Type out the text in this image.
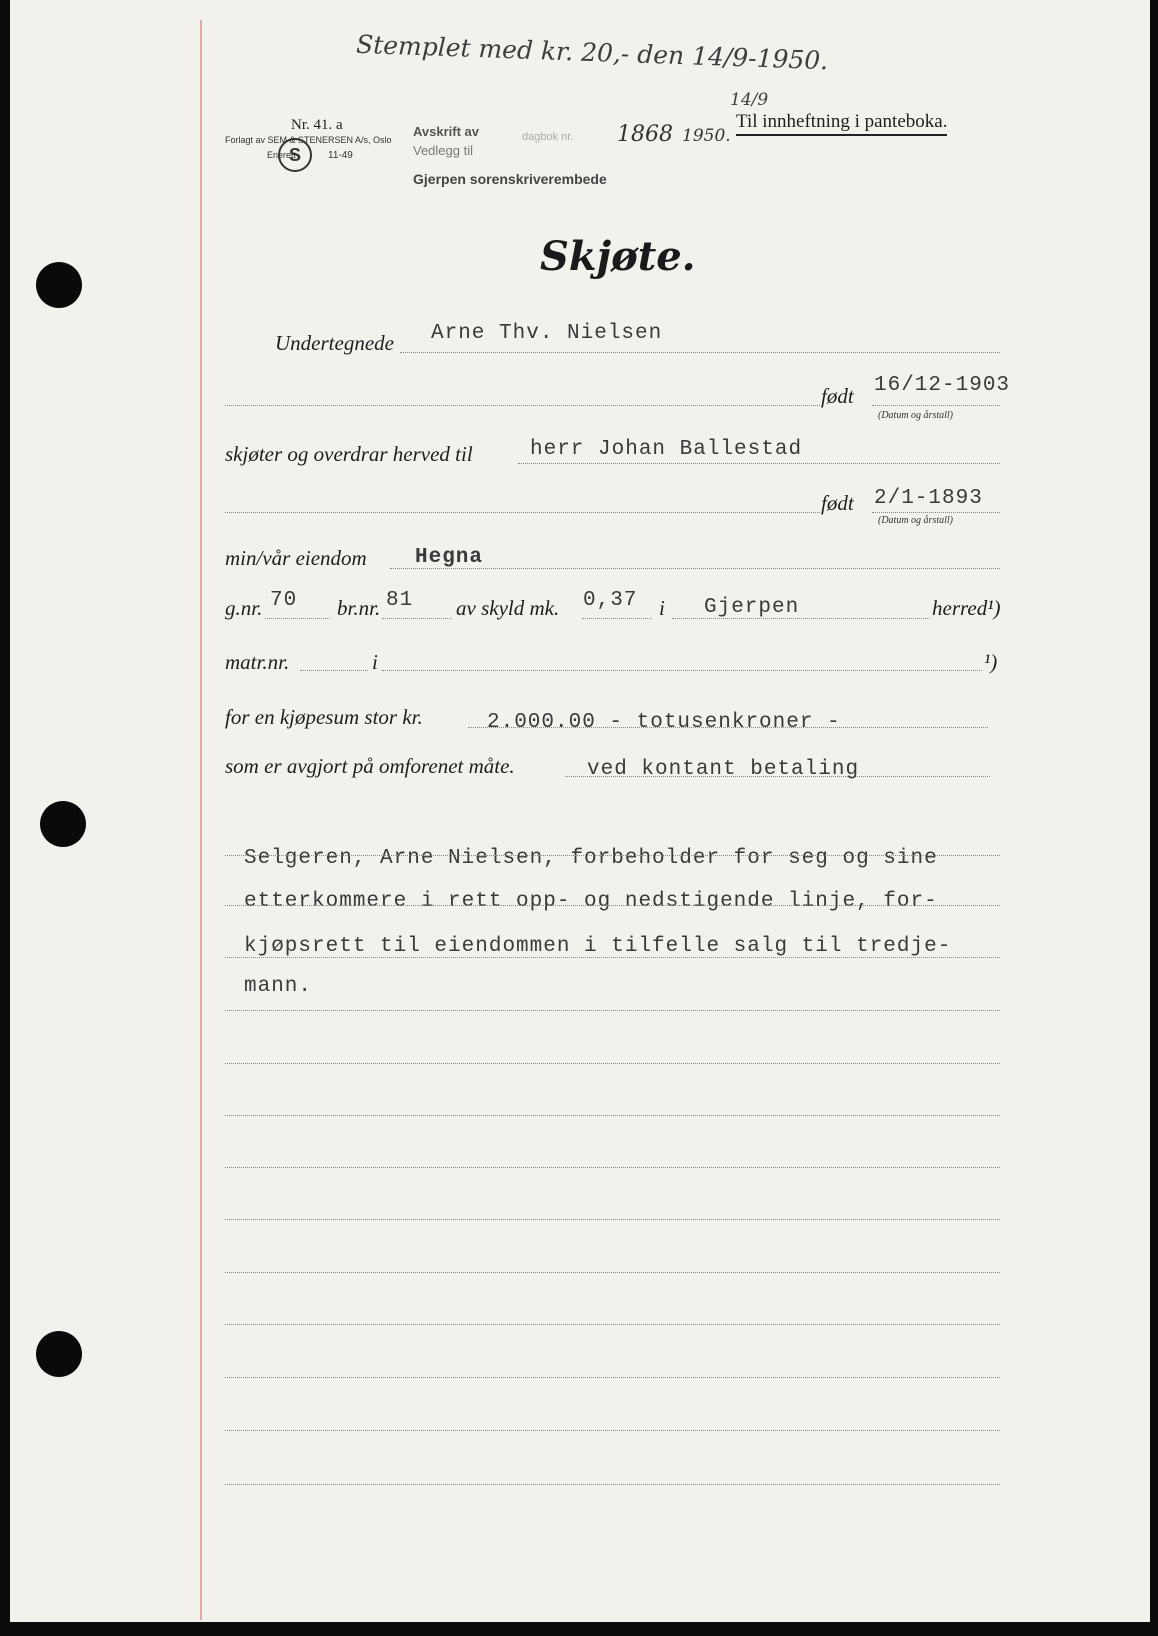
Stemplet med kr. 20,- den 14/9-1950.
14/9
Nr. 41. a
Forlagt av SEM & STENERSEN A/s, Oslo
Enerett
S	11-49
Avskrift av	dagbok nr. 1868 1950.
Vedlegg til
Gjerpen sorenskriverembede
Til innheftning i panteboka.
Skjøte.
Undertegnede Arne Thv. Nielsen
født 16/12-1903
(Datum og årstall)
skjøter og overdrar herved til	herr Johan Ballestad
født 2/1-1893
(Datum og årstall)
min/vår eiendom Hegna
g.nr. 70 br.nr. 81 av skyld mk. 0,37 i Gjerpen	herred¹)
matr.nr.	i	¹)
for en kjøpesum stor kr.	2.000.00 - totusenkroner -
som er avgjort på omforenet måte.	ved kontant betaling
Selgeren, Arne Nielsen, forbeholder for seg og sine
etterkommere i rett opp- og nedstigende linje, for-
kjøpsrett til eiendommen i tilfelle salg til tredje-
mann.
